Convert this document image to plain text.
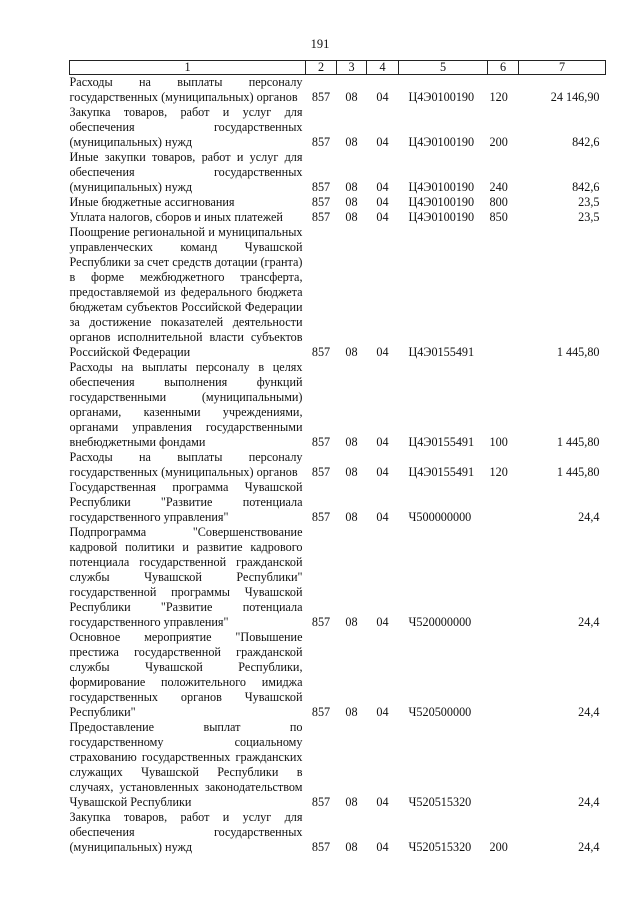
191
1	2	3	4	5	6	7
Расходы на выплаты персоналу государственных (муниципальных) органов	857	08	04	Ц4Э0100190	120	24 146,90
Закупка товаров, работ и услуг для обеспечения государственных (муниципальных) нужд	857	08	04	Ц4Э0100190	200	842,6
Иные закупки товаров, работ и услуг для обеспечения государственных (муниципальных) нужд	857	08	04	Ц4Э0100190	240	842,6
Иные бюджетные ассигнования	857	08	04	Ц4Э0100190	800	23,5
Уплата налогов, сборов и иных платежей	857	08	04	Ц4Э0100190	850	23,5
Поощрение региональной и муниципальных управленческих команд Чувашской Республики за счет средств дотации (гранта) в форме межбюджетного трансферта, предоставляемой из федерального бюджета бюджетам субъектов Российской Федерации за достижение показателей деятельности органов исполнительной власти субъектов Российской Федерации	857	08	04	Ц4Э0155491		1 445,80
Расходы на выплаты персоналу в целях обеспечения выполнения функций государственными (муниципальными) органами, казенными учреждениями, органами управления государственными внебюджетными фондами	857	08	04	Ц4Э0155491	100	1 445,80
Расходы на выплаты персоналу государственных (муниципальных) органов	857	08	04	Ц4Э0155491	120	1 445,80
Государственная программа Чувашской Республики "Развитие потенциала государственного управления"	857	08	04	Ч500000000		24,4
Подпрограмма "Совершенствование кадровой политики и развитие кадрового потенциала государственной гражданской службы Чувашской Республики" государственной программы Чувашской Республики "Развитие потенциала государственного управления"	857	08	04	Ч520000000		24,4
Основное мероприятие "Повышение престижа государственной гражданской службы Чувашской Республики, формирование положительного имиджа государственных органов Чувашской Республики"	857	08	04	Ч520500000		24,4
Предоставление выплат по государственному социальному страхованию государственных гражданских служащих Чувашской Республики в случаях, установленных законодательством Чувашской Республики	857	08	04	Ч520515320		24,4
Закупка товаров, работ и услуг для обеспечения государственных (муниципальных) нужд	857	08	04	Ч520515320	200	24,4
